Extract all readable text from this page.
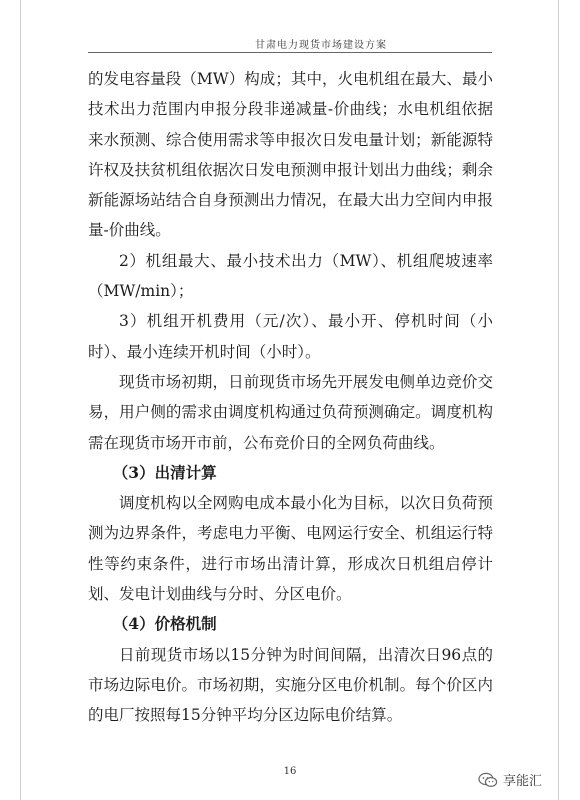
甘肃电力现货市场建设方案

的发电容量段（MW）构成；其中，火电机组在最大、最小技术出力范围内申报分段非递减量-价曲线；水电机组依据来水预测、综合使用需求等申报次日发电量计划；新能源特许权及扶贫机组依据次日发电预测申报计划出力曲线；剩余新能源场站结合自身预测出力情况，在最大出力空间内申报量-价曲线。

2）机组最大、最小技术出力（MW）、机组爬坡速率（MW/min）；

3）机组开机费用（元/次）、最小开、停机时间（小时）、最小连续开机时间（小时）。

现货市场初期，日前现货市场先开展发电侧单边竞价交易，用户侧的需求由调度机构通过负荷预测确定。调度机构需在现货市场开市前，公布竞价日的全网负荷曲线。

（3）出清计算

调度机构以全网购电成本最小化为目标，以次日负荷预测为边界条件，考虑电力平衡、电网运行安全、机组运行特性等约束条件，进行市场出清计算，形成次日机组启停计划、发电计划曲线与分时、分区电价。

（4）价格机制

日前现货市场以15分钟为时间间隔，出清次日96点的市场边际电价。市场初期，实施分区电价机制。每个价区内的电厂按照每15分钟平均分区边际电价结算。

16
享能汇
